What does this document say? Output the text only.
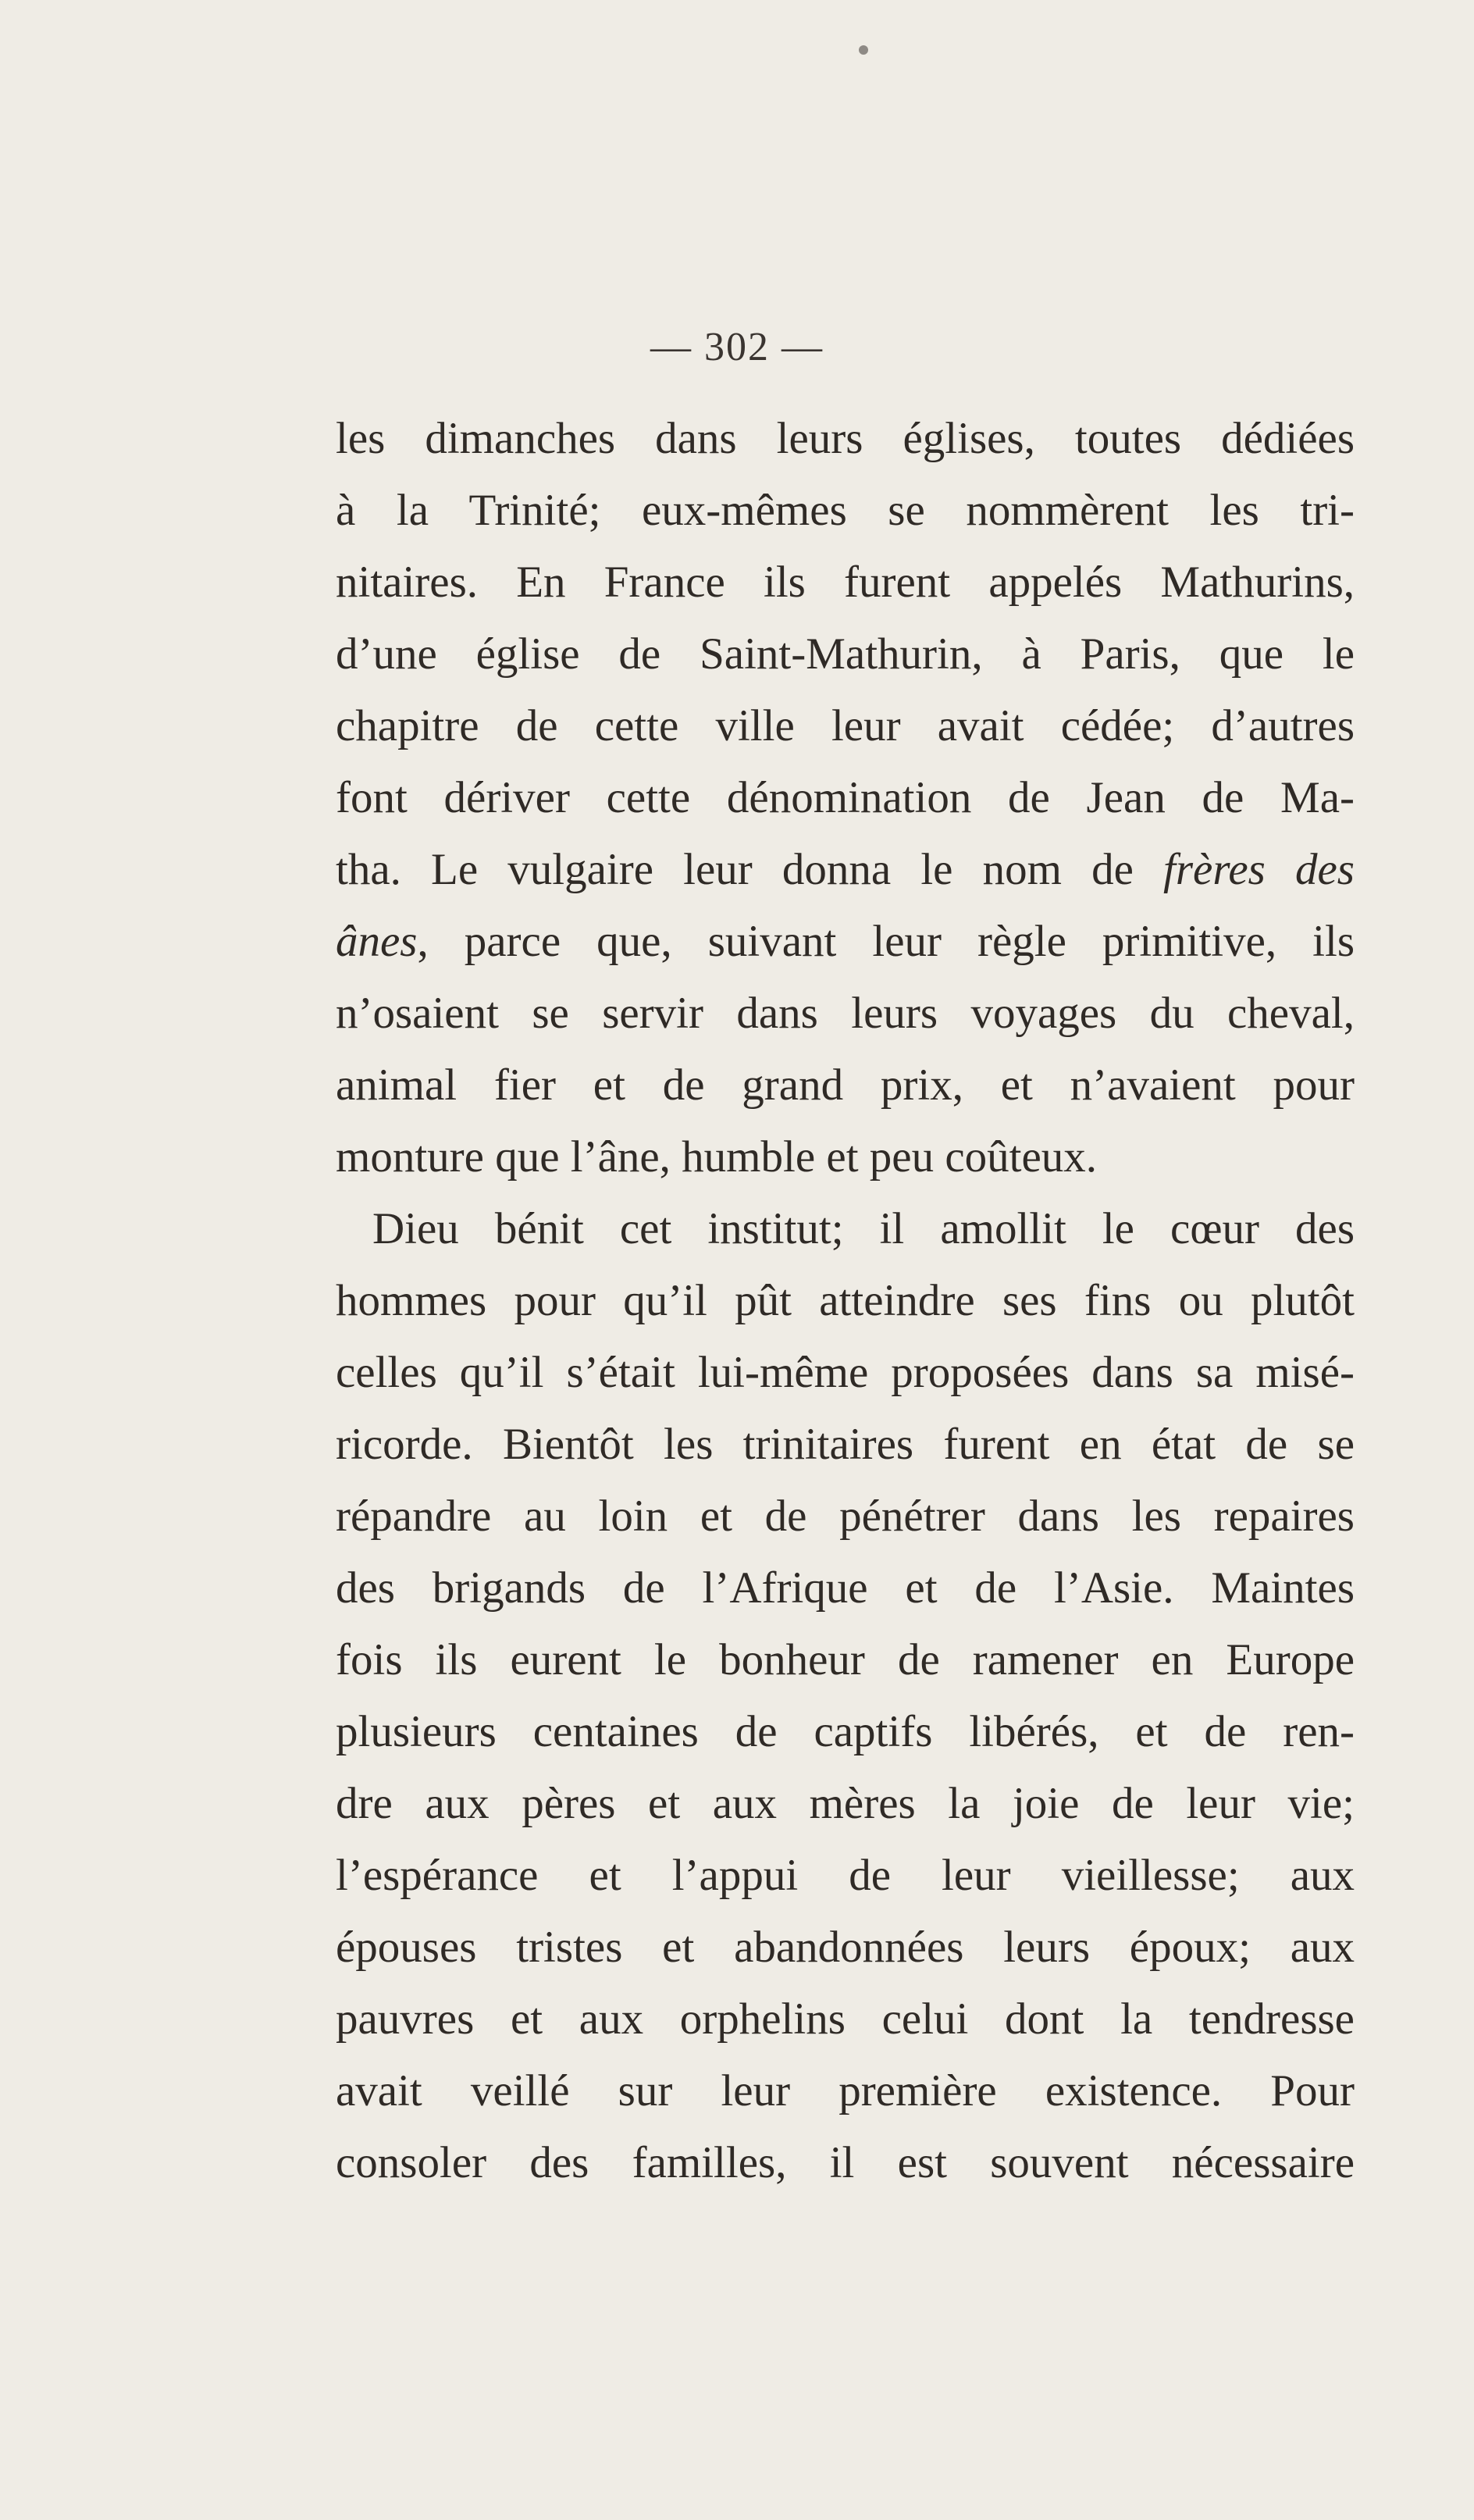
— 302 —
les dimanches dans leurs églises, toutes dédiées
à la Trinité; eux-mêmes se nommèrent les tri-
nitaires. En France ils furent appelés Mathurins,
d’une église de Saint-Mathurin, à Paris, que le
chapitre de cette ville leur avait cédée; d’autres
font dériver cette dénomination de Jean de Ma-
tha. Le vulgaire leur donna le nom de frères des
ânes, parce que, suivant leur règle primitive, ils
n’osaient se servir dans leurs voyages du cheval,
animal fier et de grand prix, et n’avaient pour
monture que l’âne, humble et peu coûteux.
Dieu bénit cet institut; il amollit le cœur des
hommes pour qu’il pût atteindre ses fins ou plutôt
celles qu’il s’était lui-même proposées dans sa misé-
ricorde. Bientôt les trinitaires furent en état de se
répandre au loin et de pénétrer dans les repaires
des brigands de l’Afrique et de l’Asie. Maintes
fois ils eurent le bonheur de ramener en Europe
plusieurs centaines de captifs libérés, et de ren-
dre aux pères et aux mères la joie de leur vie;
l’espérance et l’appui de leur vieillesse; aux
épouses tristes et abandonnées leurs époux; aux
pauvres et aux orphelins celui dont la tendresse
avait veillé sur leur première existence. Pour
consoler des familles, il est souvent nécessaire
